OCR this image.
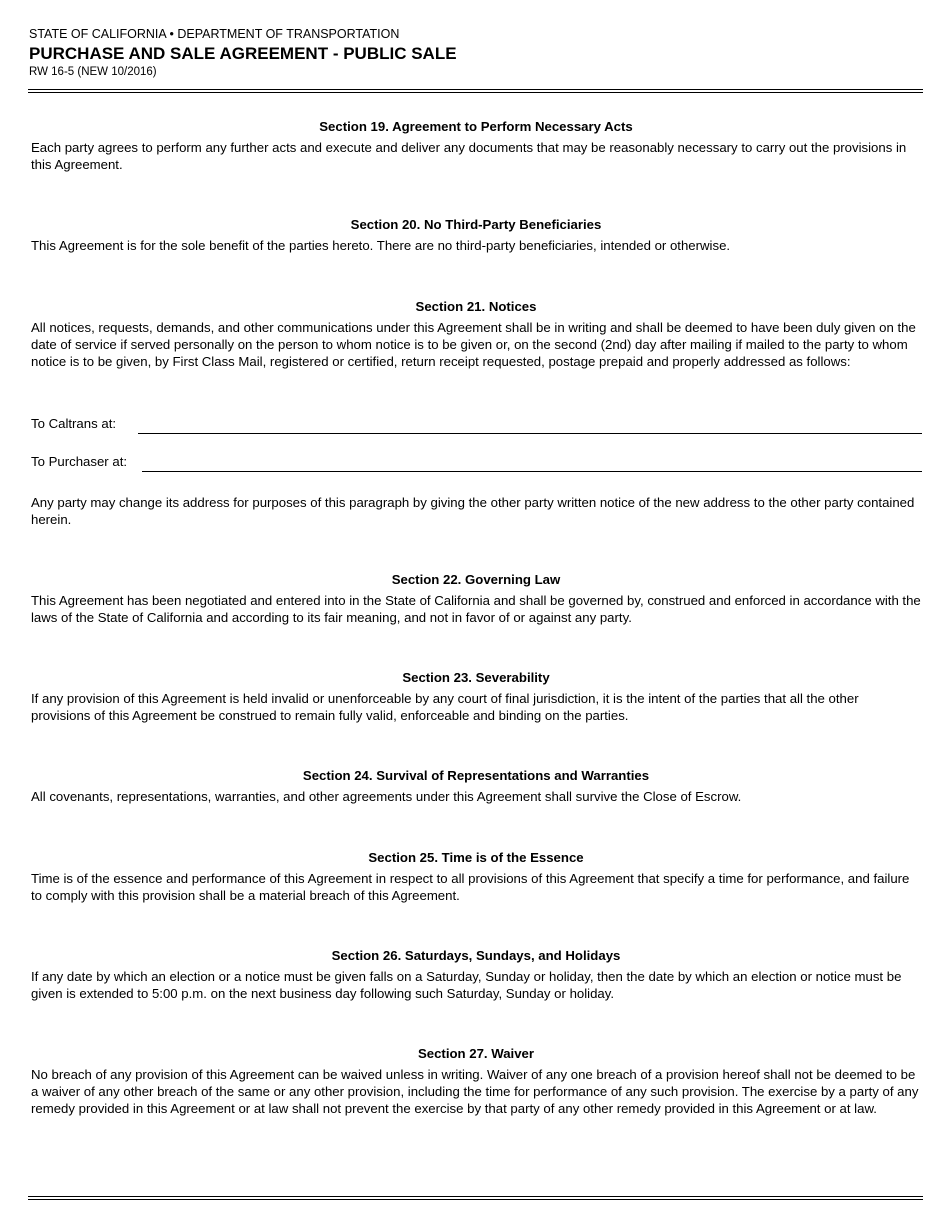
STATE OF CALIFORNIA • DEPARTMENT OF TRANSPORTATION
PURCHASE AND SALE AGREEMENT - PUBLIC SALE
RW 16-5 (NEW 10/2016)
Section 19. Agreement to Perform Necessary Acts

Each party agrees to perform any further acts and execute and deliver any documents that may be reasonably necessary to carry out the provisions in this Agreement.

Section 20. No Third-Party Beneficiaries

This Agreement is for the sole benefit of the parties hereto. There are no third-party beneficiaries, intended or otherwise.

Section 21. Notices

All notices, requests, demands, and other communications under this Agreement shall be in writing and shall be deemed to have been duly given on the date of service if served personally on the person to whom notice is to be given or, on the second (2nd) day after mailing if mailed to the party to whom notice is to be given, by First Class Mail, registered or certified, return receipt requested, postage prepaid and properly addressed as follows:

To Caltrans at:
To Purchaser at:

Any party may change its address for purposes of this paragraph by giving the other party written notice of the new address to the other party contained herein.

Section 22. Governing Law

This Agreement has been negotiated and entered into in the State of California and shall be governed by, construed and enforced in accordance with the laws of the State of California and according to its fair meaning, and not in favor of or against any party.

Section 23. Severability

If any provision of this Agreement is held invalid or unenforceable by any court of final jurisdiction, it is the intent of the parties that all the other provisions of this Agreement be construed to remain fully valid, enforceable and binding on the parties.

Section 24. Survival of Representations and Warranties

All covenants, representations, warranties, and other agreements under this Agreement shall survive the Close of Escrow.

Section 25. Time is of the Essence

Time is of the essence and performance of this Agreement in respect to all provisions of this Agreement that specify a time for performance, and failure to comply with this provision shall be a material breach of this Agreement.

Section 26. Saturdays, Sundays, and Holidays

If any date by which an election or a notice must be given falls on a Saturday, Sunday or holiday, then the date by which an election or notice must be given is extended to 5:00 p.m. on the next business day following such Saturday, Sunday or holiday.

Section 27. Waiver

No breach of any provision of this Agreement can be waived unless in writing. Waiver of any one breach of a provision hereof shall not be deemed to be a waiver of any other breach of the same or any other provision, including the time for performance of any such provision. The exercise by a party of any remedy provided in this Agreement or at law shall not prevent the exercise by that party of any other remedy provided in this Agreement or at law.
